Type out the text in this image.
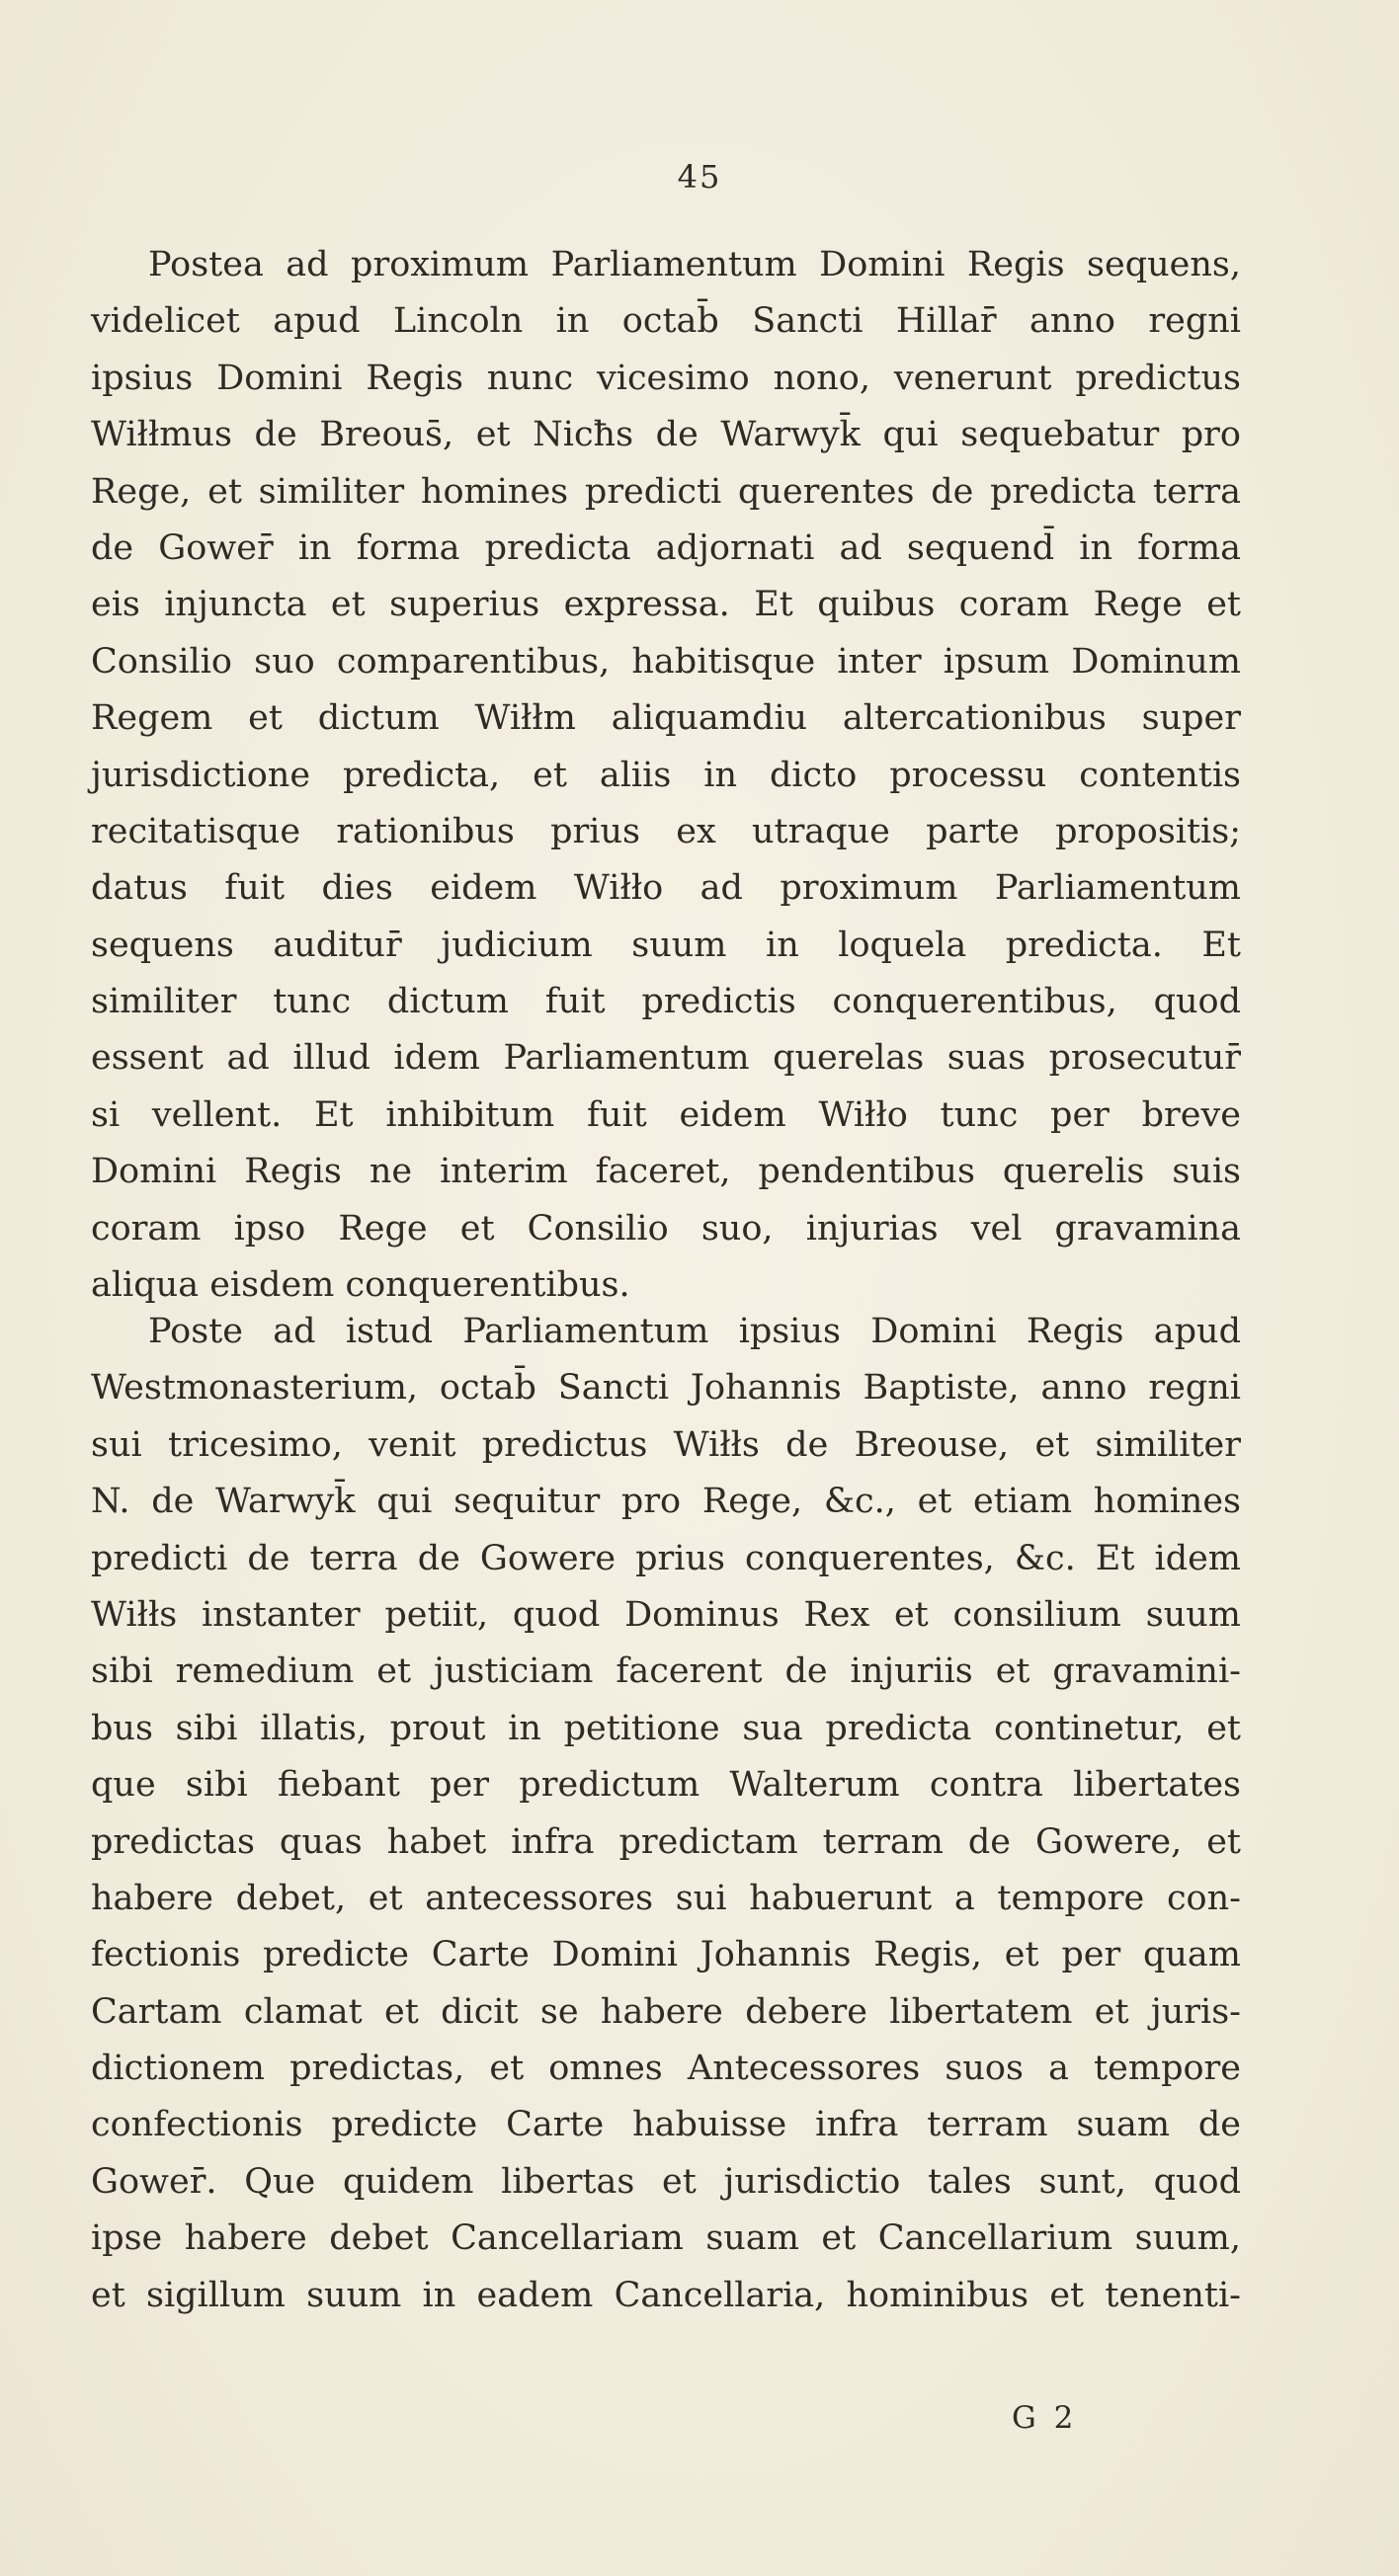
45
Postea ad proximum Parliamentum Domini Regis sequens,
videlicet apud Lincoln in octab̄ Sancti Hillar̄ anno regni
ipsius Domini Regis nunc vicesimo nono, venerunt predictus
Wiłłmus de Breous̄, et Nicħs de Warwyk̄ qui sequebatur pro
Rege, et similiter homines predicti querentes de predicta terra
de Gower̄ in forma predicta adjornati ad sequend̄ in forma
eis injuncta et superius expressa. Et quibus coram Rege et
Consilio suo comparentibus, habitisque inter ipsum Dominum
Regem et dictum Wiłłm aliquamdiu altercationibus super
jurisdictione predicta, et aliis in dicto processu contentis
recitatisque rationibus prius ex utraque parte propositis;
datus fuit dies eidem Wiłło ad proximum Parliamentum
sequens auditur̄ judicium suum in loquela predicta. Et
similiter tunc dictum fuit predictis conquerentibus, quod
essent ad illud idem Parliamentum querelas suas prosecutur̄
si vellent. Et inhibitum fuit eidem Wiłło tunc per breve
Domini Regis ne interim faceret, pendentibus querelis suis
coram ipso Rege et Consilio suo, injurias vel gravamina
aliqua eisdem conquerentibus.
Poste ad istud Parliamentum ipsius Domini Regis apud
Westmonasterium, octab̄ Sancti Johannis Baptiste, anno regni
sui tricesimo, venit predictus Wiłłs de Breouse, et similiter
N. de Warwyk̄ qui sequitur pro Rege, &c., et etiam homines
predicti de terra de Gowere prius conquerentes, &c. Et idem
Wiłłs instanter petiit, quod Dominus Rex et consilium suum
sibi remedium et justiciam facerent de injuriis et gravamini-
bus sibi illatis, prout in petitione sua predicta continetur, et
que sibi fiebant per predictum Walterum contra libertates
predictas quas habet infra predictam terram de Gowere, et
habere debet, et antecessores sui habuerunt a tempore con-
fectionis predicte Carte Domini Johannis Regis, et per quam
Cartam clamat et dicit se habere debere libertatem et juris-
dictionem predictas, et omnes Antecessores suos a tempore
confectionis predicte Carte habuisse infra terram suam de
Gower̄. Que quidem libertas et jurisdictio tales sunt, quod
ipse habere debet Cancellariam suam et Cancellarium suum,
et sigillum suum in eadem Cancellaria, hominibus et tenenti-
G 2
